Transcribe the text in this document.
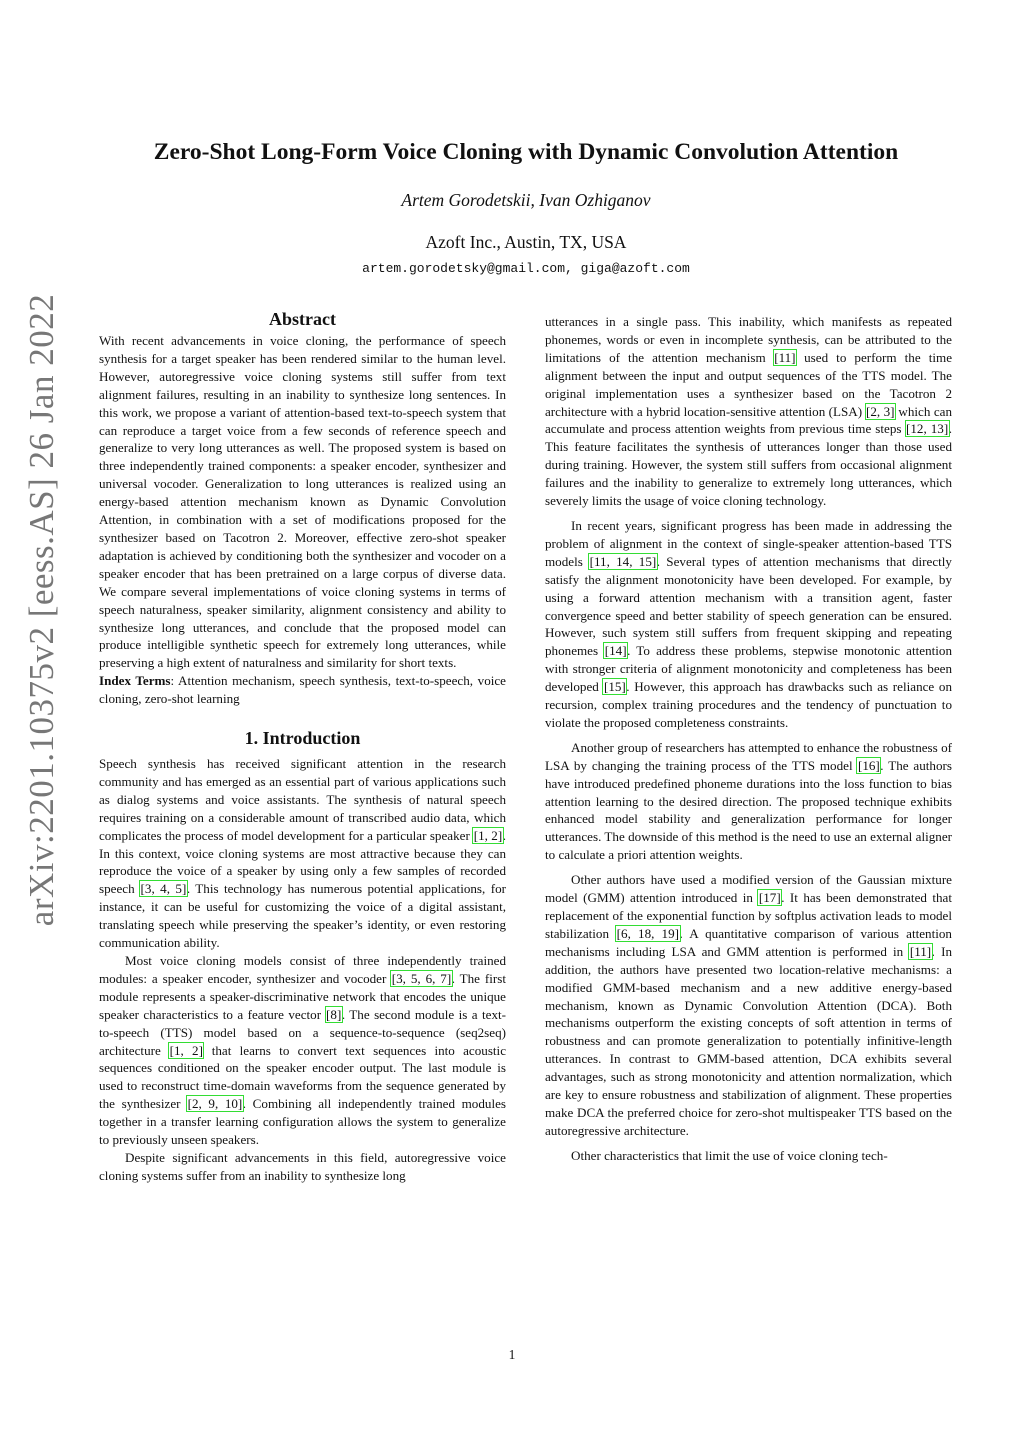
arXiv:2201.10375v2 [eess.AS] 26 Jan 2022
Zero-Shot Long-Form Voice Cloning with Dynamic Convolution Attention
Artem Gorodetskii, Ivan Ozhiganov
Azoft Inc., Austin, TX, USA
artem.gorodetsky@gmail.com, giga@azoft.com
Abstract

With recent advancements in voice cloning, the performance of speech synthesis for a target speaker has been rendered similar to the human level. However, autoregressive voice cloning systems still suffer from text alignment failures, resulting in an inability to synthesize long sentences. In this work, we propose a variant of attention-based text-to-speech system that can reproduce a target voice from a few seconds of reference speech and generalize to very long utterances as well. The proposed system is based on three independently trained components: a speaker encoder, synthesizer and universal vocoder. Generalization to long utterances is realized using an energy-based attention mechanism known as Dynamic Convolution Attention, in combination with a set of modifications proposed for the synthesizer based on Tacotron 2. Moreover, effective zero-shot speaker adaptation is achieved by conditioning both the synthesizer and vocoder on a speaker encoder that has been pretrained on a large corpus of diverse data. We compare several implementations of voice cloning systems in terms of speech naturalness, speaker similarity, alignment consistency and ability to synthesize long utterances, and conclude that the proposed model can produce intelligible synthetic speech for extremely long utterances, while preserving a high extent of naturalness and similarity for short texts.

Index Terms: Attention mechanism, speech synthesis, text-to-speech, voice cloning, zero-shot learning

1. Introduction

Speech synthesis has received significant attention in the research community and has emerged as an essential part of various applications such as dialog systems and voice assistants. The synthesis of natural speech requires training on a considerable amount of transcribed audio data, which complicates the process of model development for a particular speaker [1, 2]. In this context, voice cloning systems are most attractive because they can reproduce the voice of a speaker by using only a few samples of recorded speech [3, 4, 5]. This technology has numerous potential applications, for instance, it can be useful for customizing the voice of a digital assistant, translating speech while preserving the speaker’s identity, or even restoring communication ability.

Most voice cloning models consist of three independently trained modules: a speaker encoder, synthesizer and vocoder [3, 5, 6, 7]. The first module represents a speaker-discriminative network that encodes the unique speaker characteristics to a feature vector [8]. The second module is a text-to-speech (TTS) model based on a sequence-to-sequence (seq2seq) architecture [1, 2] that learns to convert text sequences into acoustic sequences conditioned on the speaker encoder output. The last module is used to reconstruct time-domain waveforms from the sequence generated by the synthesizer [2, 9, 10]. Combining all independently trained modules together in a transfer learning configuration allows the system to generalize to previously unseen speakers.

Despite significant advancements in this field, autoregressive voice cloning systems suffer from an inability to synthesize long

utterances in a single pass. This inability, which manifests as repeated phonemes, words or even in incomplete synthesis, can be attributed to the limitations of the attention mechanism [11] used to perform the time alignment between the input and output sequences of the TTS model. The original implementation uses a synthesizer based on the Tacotron 2 architecture with a hybrid location-sensitive attention (LSA) [2, 3] which can accumulate and process attention weights from previous time steps [12, 13]. This feature facilitates the synthesis of utterances longer than those used during training. However, the system still suffers from occasional alignment failures and the inability to generalize to extremely long utterances, which severely limits the usage of voice cloning technology.

In recent years, significant progress has been made in addressing the problem of alignment in the context of single-speaker attention-based TTS models [11, 14, 15]. Several types of attention mechanisms that directly satisfy the alignment monotonicity have been developed. For example, by using a forward attention mechanism with a transition agent, faster convergence speed and better stability of speech generation can be ensured. However, such system still suffers from frequent skipping and repeating phonemes [14]. To address these problems, stepwise monotonic attention with stronger criteria of alignment monotonicity and completeness has been developed [15]. However, this approach has drawbacks such as reliance on recursion, complex training procedures and the tendency of punctuation to violate the proposed completeness constraints.

Another group of researchers has attempted to enhance the robustness of LSA by changing the training process of the TTS model [16]. The authors have introduced predefined phoneme durations into the loss function to bias attention learning to the desired direction. The proposed technique exhibits enhanced model stability and generalization performance for longer utterances. The downside of this method is the need to use an external aligner to calculate a priori attention weights.

Other authors have used a modified version of the Gaussian mixture model (GMM) attention introduced in [17]. It has been demonstrated that replacement of the exponential function by softplus activation leads to model stabilization [6, 18, 19]. A quantitative comparison of various attention mechanisms including LSA and GMM attention is performed in [11]. In addition, the authors have presented two location-relative mechanisms: a modified GMM-based mechanism and a new additive energy-based mechanism, known as Dynamic Convolution Attention (DCA). Both mechanisms outperform the existing concepts of soft attention in terms of robustness and can promote generalization to potentially infinitive-length utterances. In contrast to GMM-based attention, DCA exhibits several advantages, such as strong monotonicity and attention normalization, which are key to ensure robustness and stabilization of alignment. These properties make DCA the preferred choice for zero-shot multispeaker TTS based on the autoregressive architecture.

Other characteristics that limit the use of voice cloning tech-

1
